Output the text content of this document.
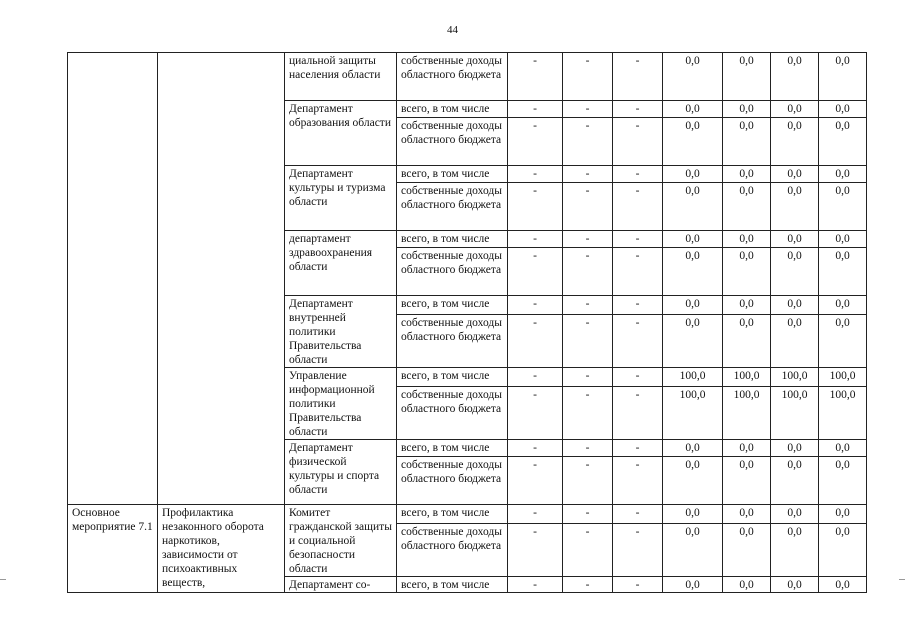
44
		циальной защиты населения области	собственные доходы областного бюджета	-	-	-	0,0	0,0	0,0	0,0
		Департамент образования области	всего, в том числе	-	-	-	0,0	0,0	0,0	0,0
			собственные доходы областного бюджета	-	-	-	0,0	0,0	0,0	0,0
		Департамент культуры и туризма области	всего, в том числе	-	-	-	0,0	0,0	0,0	0,0
			собственные доходы областного бюджета	-	-	-	0,0	0,0	0,0	0,0
		департамент здравоохранения области	всего, в том числе	-	-	-	0,0	0,0	0,0	0,0
			собственные доходы областного бюджета	-	-	-	0,0	0,0	0,0	0,0
		Департамент внутренней политики Правительства области	всего, в том числе	-	-	-	0,0	0,0	0,0	0,0
			собственные доходы областного бюджета	-	-	-	0,0	0,0	0,0	0,0
		Управление информационной политики Правительства области	всего, в том числе	-	-	-	100,0	100,0	100,0	100,0
			собственные доходы областного бюджета	-	-	-	100,0	100,0	100,0	100,0
		Департамент физической культуры и спорта области	всего, в том числе	-	-	-	0,0	0,0	0,0	0,0
			собственные доходы областного бюджета	-	-	-	0,0	0,0	0,0	0,0
Основное мероприятие 7.1	Профилактика незаконного оборота наркотиков, зависимости от психоактивных веществ,	Комитет гражданской защиты и социальной безопасности области	всего, в том числе	-	-	-	0,0	0,0	0,0	0,0
			собственные доходы областного бюджета	-	-	-	0,0	0,0	0,0	0,0
		Департамент со-	всего, в том числе	-	-	-	0,0	0,0	0,0	0,0
